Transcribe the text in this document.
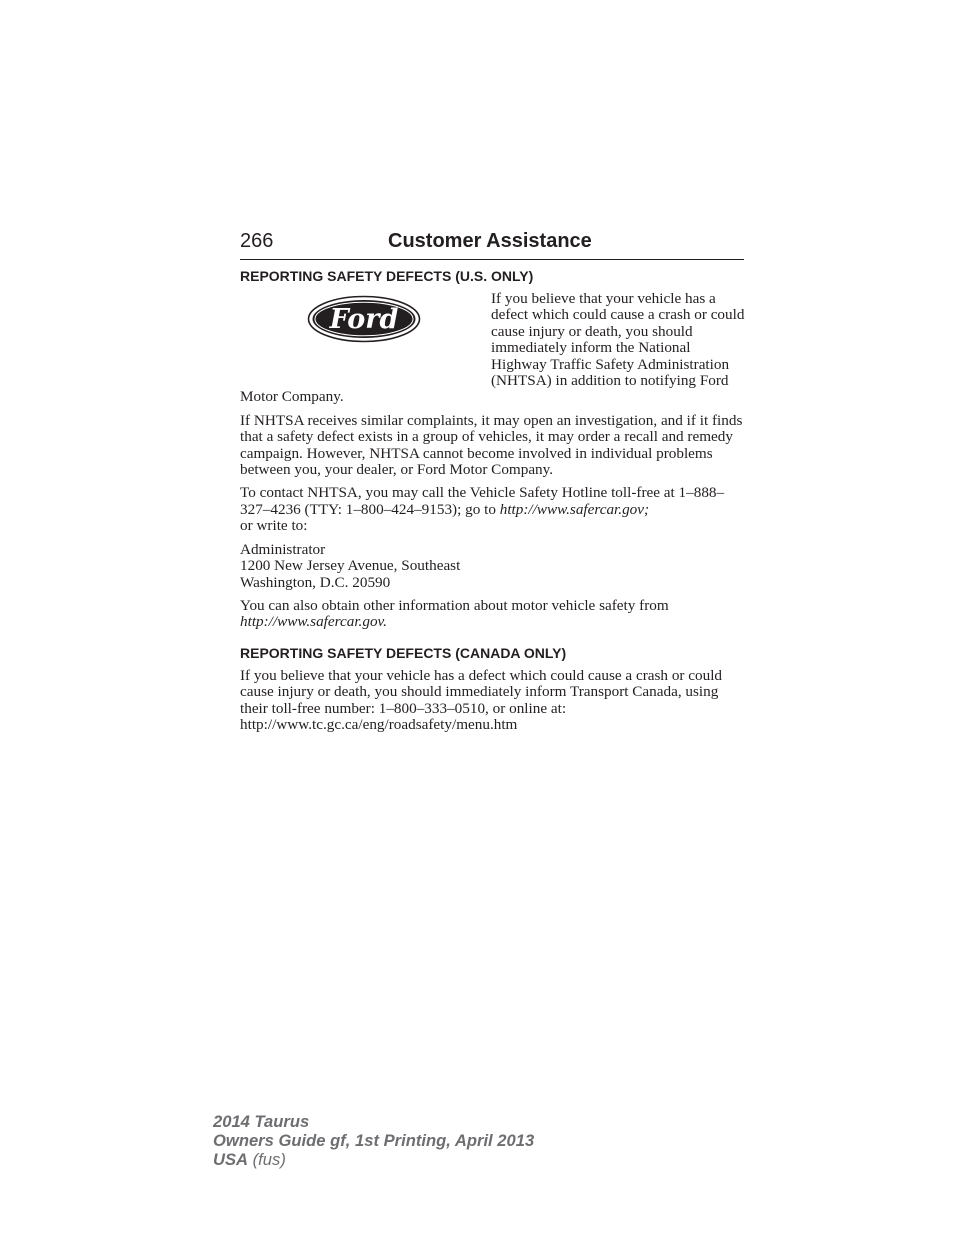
266	Customer Assistance
REPORTING SAFETY DEFECTS (U.S. ONLY)
Ford

If you believe that your vehicle has a defect which could cause a crash or could cause injury or death, you should immediately inform the National Highway Traffic Safety Administration (NHTSA) in addition to notifying Ford Motor Company.

If NHTSA receives similar complaints, it may open an investigation, and if it finds that a safety defect exists in a group of vehicles, it may order a recall and remedy campaign. However, NHTSA cannot become involved in individual problems between you, your dealer, or Ford Motor Company.

To contact NHTSA, you may call the Vehicle Safety Hotline toll-free at 1–888–327–4236 (TTY: 1–800–424–9153); go to http://www.safercar.gov;
or write to:

Administrator
1200 New Jersey Avenue, Southeast
Washington, D.C. 20590

You can also obtain other information about motor vehicle safety from http://www.safercar.gov.

REPORTING SAFETY DEFECTS (CANADA ONLY)

If you believe that your vehicle has a defect which could cause a crash or could cause injury or death, you should immediately inform Transport Canada, using their toll-free number: 1–800–333–0510, or online at: http://www.tc.gc.ca/eng/roadsafety/menu.htm

2014 Taurus
Owners Guide gf, 1st Printing, April 2013
USA (fus)
